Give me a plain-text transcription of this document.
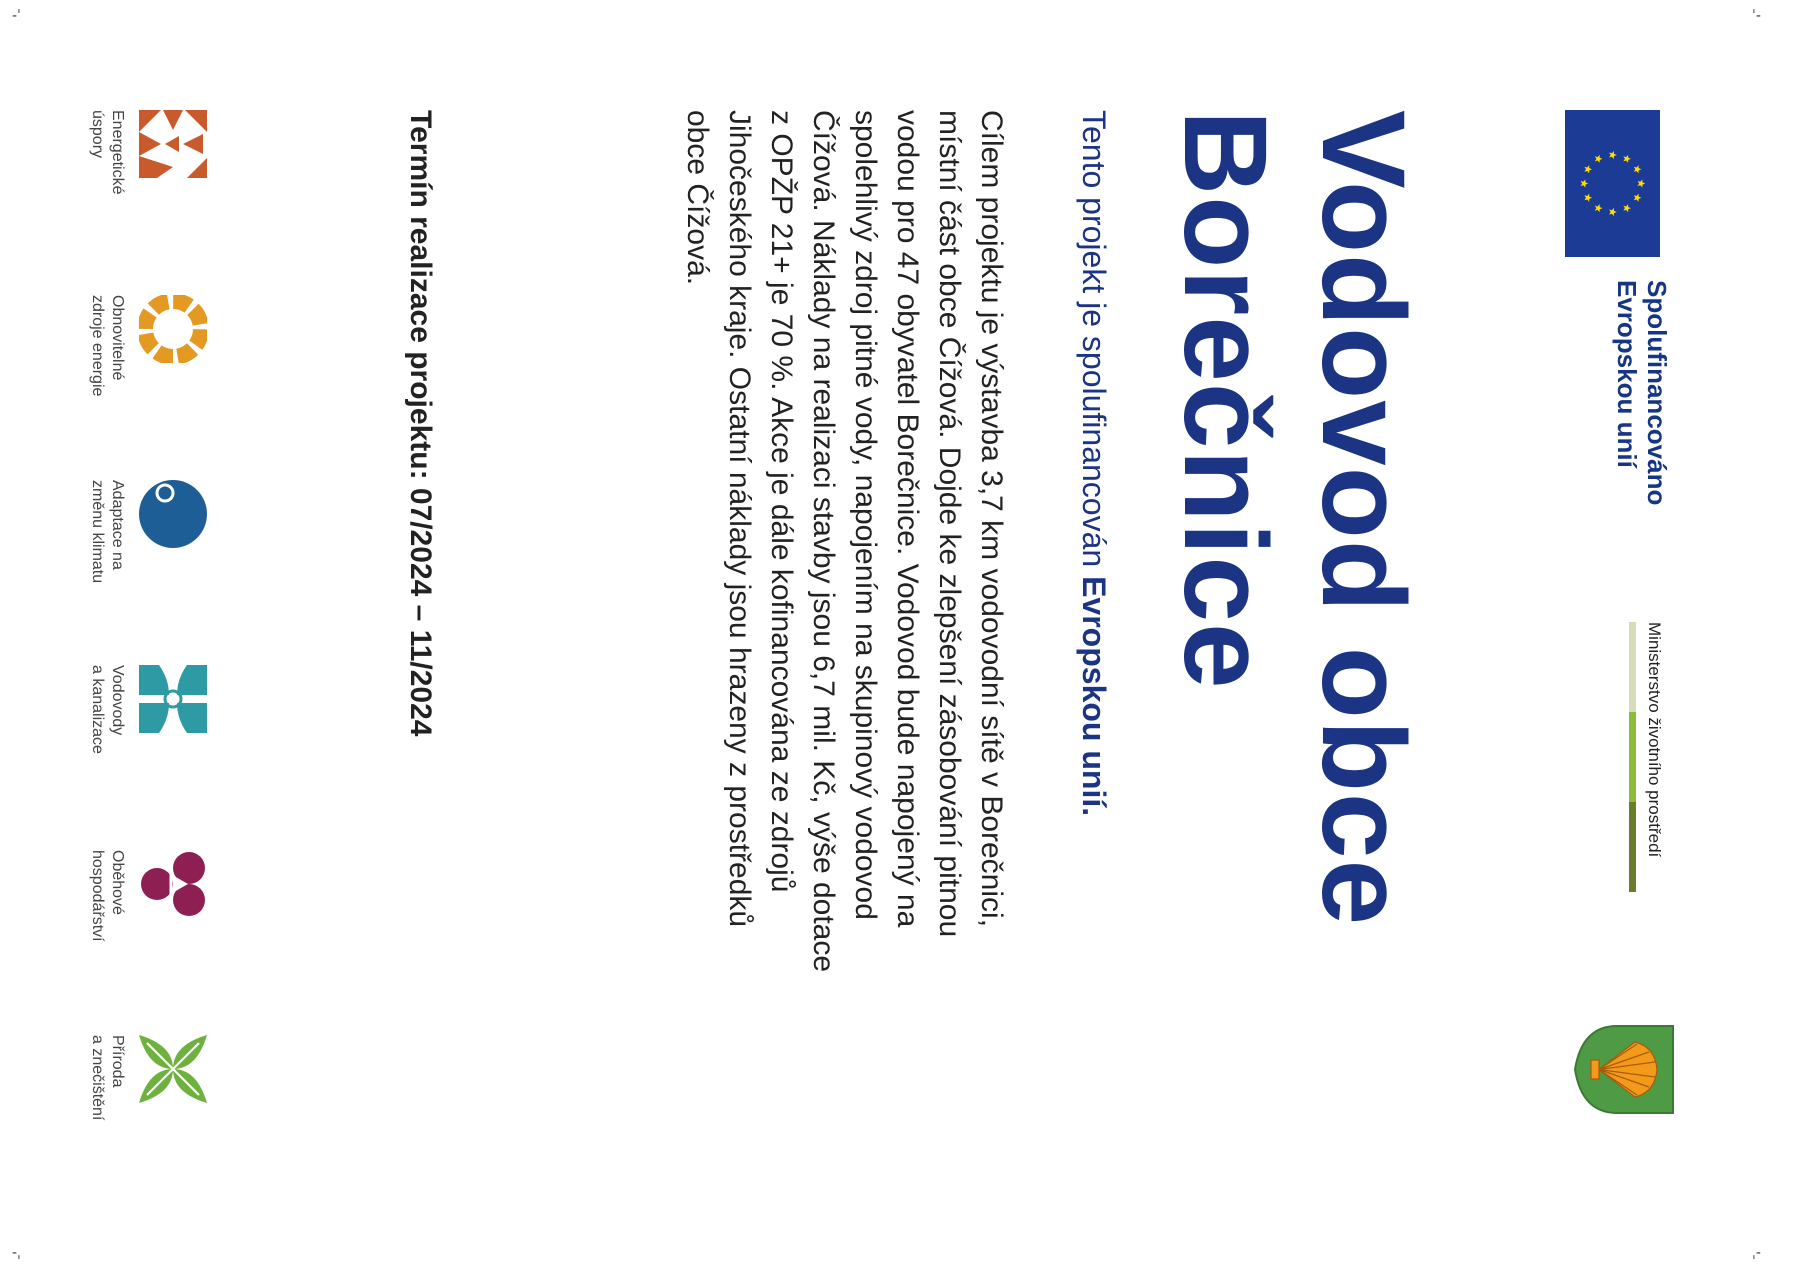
-ˈ	ˈ-
-ˌ	ˌ-
Spolufinancováno
Evropskou unií
Ministerstvo životního prostředí
Vodovod obce
Borečnice
Tento projekt je spolufinancován Evropskou unií.
Cílem projektu je výstavba 3,7 km vodovodní sítě v Borečnici,
místní část obce Čížová. Dojde ke zlepšení zásobování pitnou
vodou pro 47 obyvatel Borečnice. Vodovod bude napojený na
spolehlivý zdroj pitné vody, napojením na skupinový vodovod
Čížová. Náklady na realizaci stavby jsou 6,7 mil. Kč, výše dotace
z OPŽP 21+ je 70 %. Akce je dále kofinancována ze zdrojů
Jihočeského kraje. Ostatní náklady jsou hrazeny z prostředků
obce Čížová.
Termín realizace projektu: 07/2024 – 11/2024
Energetické
úspory
Obnovitelné
zdroje energie
Adaptace na
změnu klimatu
Vodovody
a kanalizace
Oběhové
hospodářství
Příroda
a znečištění
